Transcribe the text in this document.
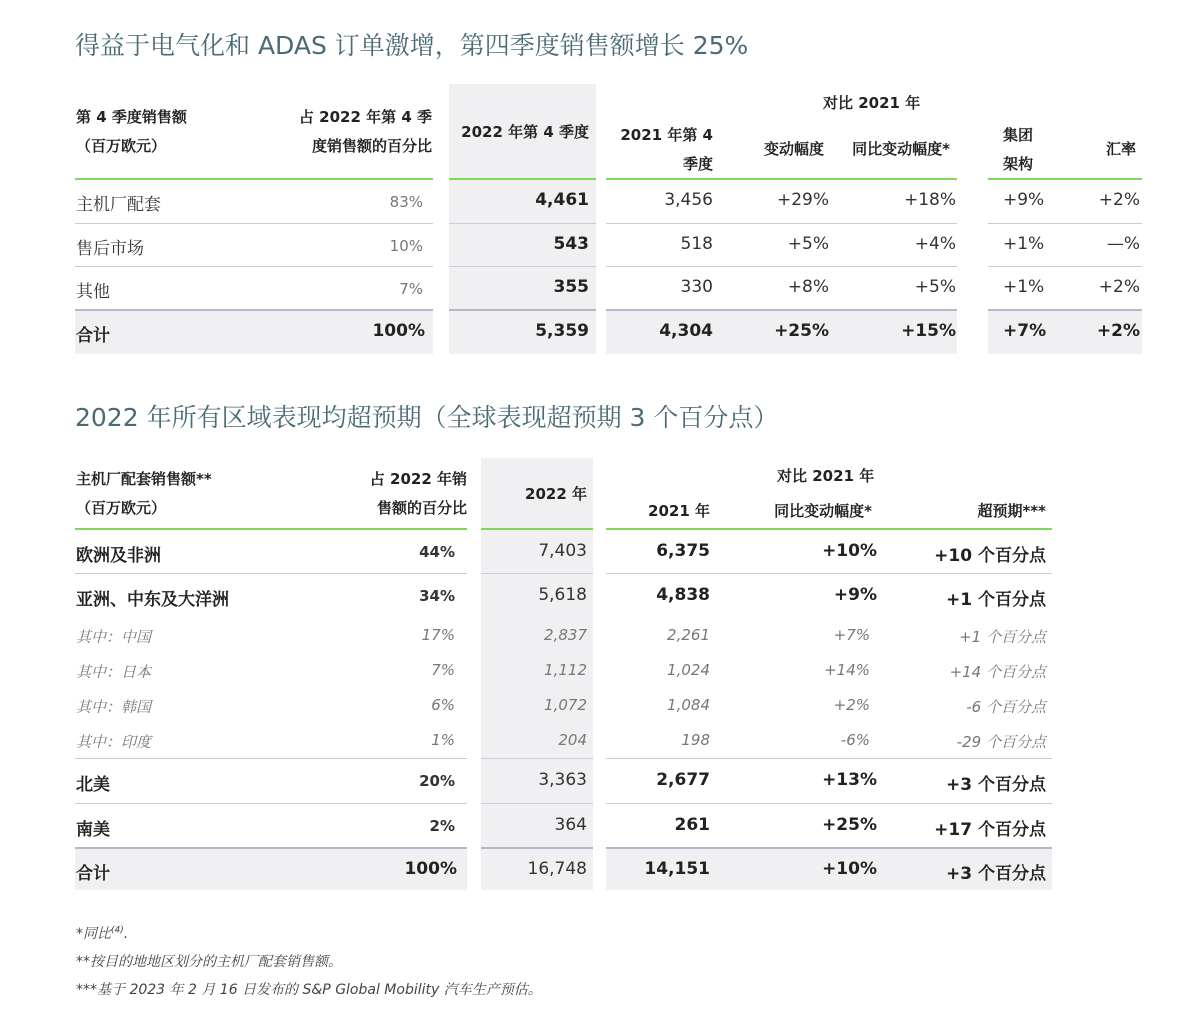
得益于电气化和 ADAS 订单激增，第四季度销售额增长 25%
第 4 季度销售额
（百万欧元）
占 2022 年第 4 季
度销售额的百分比
2022 年第 4 季度
对比 2021 年
2021 年第 4
季度
变动幅度	同比变动幅度*
集团
架构
汇率
主机厂配套	83%	4,461	3,456	+29%	+18%	+9%	+2%
售后市场	10%	543	518	+5%	+4%	+1%	—%
其他	7%	355	330	+8%	+5%	+1%	+2%
合计	100%	5,359	4,304	+25%	+15%	+7%	+2%
2022 年所有区域表现均超预期（全球表现超预期 3 个百分点）
主机厂配套销售额**
（百万欧元）
占 2022 年销
售额的百分比
2022 年
对比 2021 年
2021 年	同比变动幅度*	超预期***
欧洲及非洲	44%	7,403	6,375	+10%	+10 个百分点
亚洲、中东及大洋洲	34%	5,618	4,838	+9%	+1 个百分点
其中：中国	17%	2,837	2,261	+7%	+1 个百分点
其中：日本	7%	1,112	1,024	+14%	+14 个百分点
其中：韩国	6%	1,072	1,084	+2%	-6 个百分点
其中：印度	1%	204	198	-6%	-29 个百分点
北美	20%	3,363	2,677	+13%	+3 个百分点
南美	2%	364	261	+25%	+17 个百分点
合计	100%	16,748	14,151	+10%	+3 个百分点
*同比$^{(4)}$.
**按目的地地区划分的主机厂配套销售额。
***基于 2023 年 2 月 16 日发布的 S&P Global Mobility 汽车生产预估。
